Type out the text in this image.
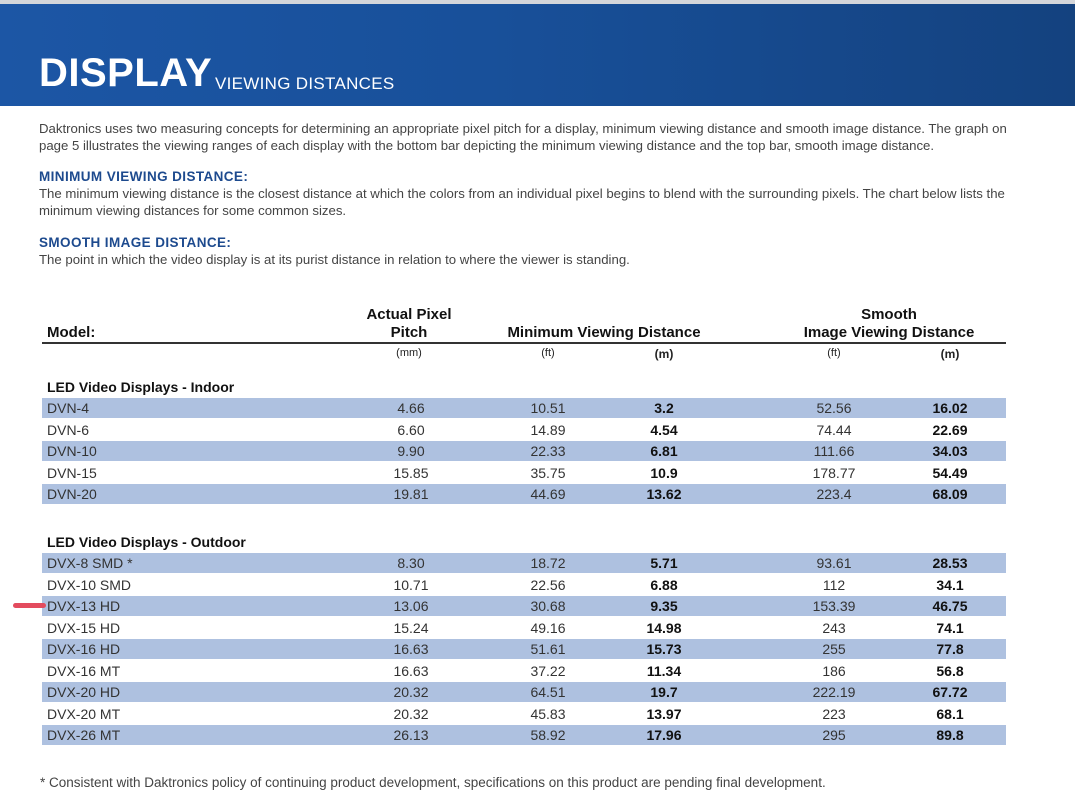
DISPLAY VIEWING DISTANCES
Daktronics uses two measuring concepts for determining an appropriate pixel pitch for a display, minimum viewing distance and smooth image distance. The graph on page 5 illustrates the viewing ranges of each display with the bottom bar depicting the minimum viewing distance and the top bar, smooth image distance.
MINIMUM VIEWING DISTANCE:
The minimum viewing distance is the closest distance at which the colors from an individual pixel begins to blend with the surrounding pixels. The chart below lists the minimum viewing distances for some common sizes.
SMOOTH IMAGE DISTANCE:
The point in which the video display is at its purist distance in relation to where the viewer is standing.
Model:
Actual Pixel
Pitch	Minimum Viewing Distance
Smooth
Image Viewing Distance
(mm)	(ft)	(m)	(ft)	(m)
LED Video Displays - Indoor
DVN-4	4.66	10.51	3.2	52.56	16.02
DVN-6	6.60	14.89	4.54	74.44	22.69
DVN-10	9.90	22.33	6.81	111.66	34.03
DVN-15	15.85	35.75	10.9	178.77	54.49
DVN-20	19.81	44.69	13.62	223.4	68.09
LED Video Displays - Outdoor
DVX-8 SMD *	8.30	18.72	5.71	93.61	28.53
DVX-10 SMD	10.71	22.56	6.88	112	34.1
DVX-13 HD	13.06	30.68	9.35	153.39	46.75
DVX-15 HD	15.24	49.16	14.98	243	74.1
DVX-16 HD	16.63	51.61	15.73	255	77.8
DVX-16 MT	16.63	37.22	11.34	186	56.8
DVX-20 HD	20.32	64.51	19.7	222.19	67.72
DVX-20 MT	20.32	45.83	13.97	223	68.1
DVX-26 MT	26.13	58.92	17.96	295	89.8
* Consistent with Daktronics policy of continuing product development, specifications on this product are pending final development.
